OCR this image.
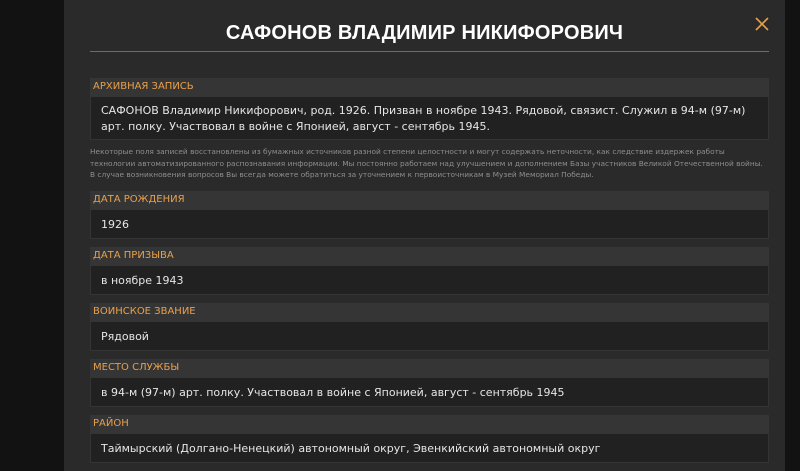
САФОНОВ ВЛАДИМИР НИКИФОРОВИЧ
АРХИВНАЯ ЗАПИСЬ
САФОНОВ Владимир Никифорович, род. 1926. Призван в ноябре 1943. Рядовой, связист. Служил в 94-м (97-м) арт. полку. Участвовал в войне с Японией, август - сентябрь 1945.
Некоторые поля записей восстановлены из бумажных источников разной степени целостности и могут содержать неточности, как следствие издержек работы технологии автоматизированного распознавания информации. Мы постоянно работаем над улучшением и дополнением Базы участников Великой Отечественной войны. В случае возникновения вопросов Вы всегда можете обратиться за уточнением к первоисточникам в Музей Мемориал Победы.
ДАТА РОЖДЕНИЯ
1926
ДАТА ПРИЗЫВА
в ноябре 1943
ВОИНСКОЕ ЗВАНИЕ
Рядовой
МЕСТО СЛУЖБЫ
в 94-м (97-м) арт. полку. Участвовал в войне с Японией, август - сентябрь 1945
РАЙОН
Таймырский (Долгано-Ненецкий) автономный округ, Эвенкийский автономный округ
